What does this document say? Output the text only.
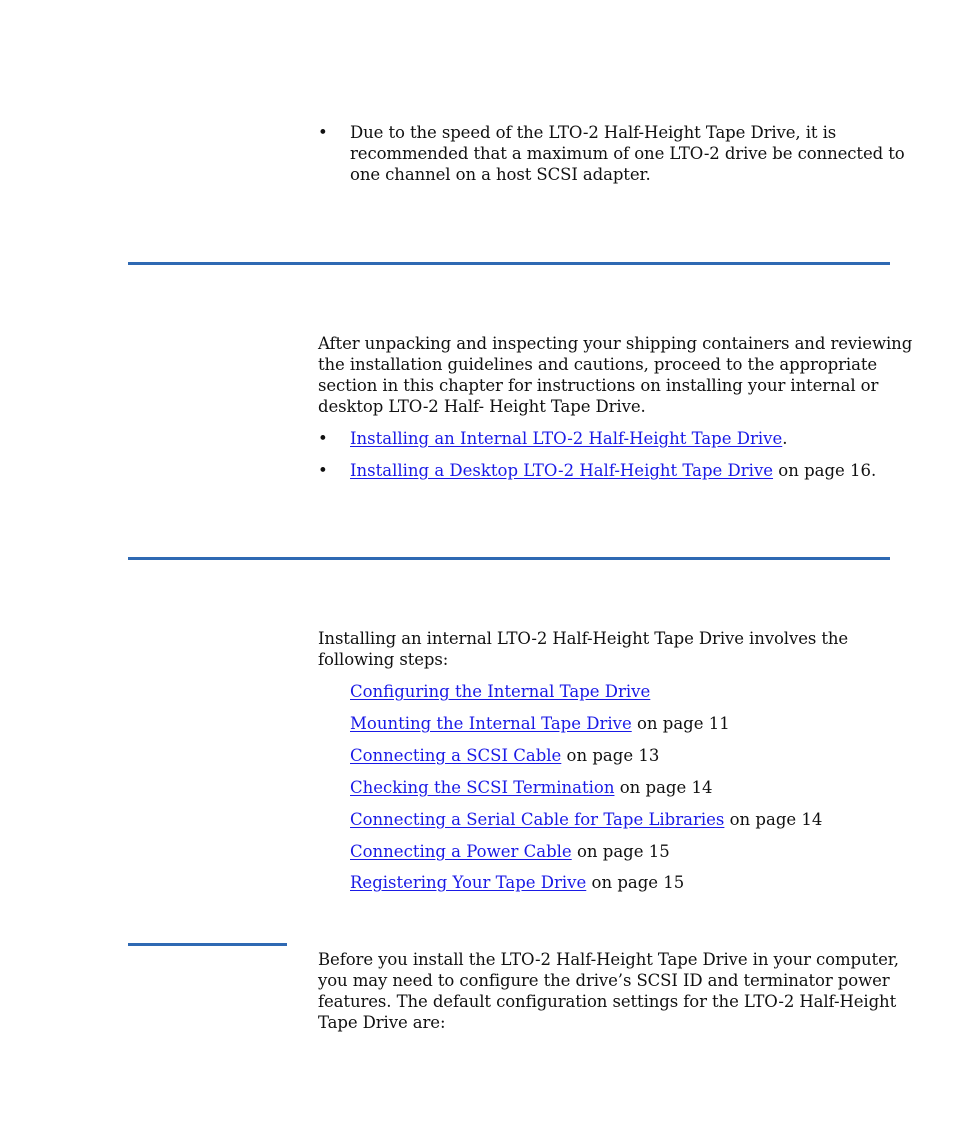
• Due to the speed of the LTO-2 Half-Height Tape Drive, it is
recommended that a maximum of one LTO-2 drive be connected to
one channel on a host SCSI adapter.
After unpacking and inspecting your shipping containers and reviewing
the installation guidelines and cautions, proceed to the appropriate
section in this chapter for instructions on installing your internal or
desktop LTO-2 Half- Height Tape Drive.
• Installing an Internal LTO-2 Half-Height Tape Drive.
• Installing a Desktop LTO-2 Half-Height Tape Drive on page 16.
Installing an internal LTO-2 Half-Height Tape Drive involves the
following steps:
Configuring the Internal Tape Drive
Mounting the Internal Tape Drive on page 11
Connecting a SCSI Cable on page 13
Checking the SCSI Termination on page 14
Connecting a Serial Cable for Tape Libraries on page 14
Connecting a Power Cable on page 15
Registering Your Tape Drive on page 15
Before you install the LTO-2 Half-Height Tape Drive in your computer,
you may need to configure the drive’s SCSI ID and terminator power
features. The default configuration settings for the LTO-2 Half-Height
Tape Drive are:
